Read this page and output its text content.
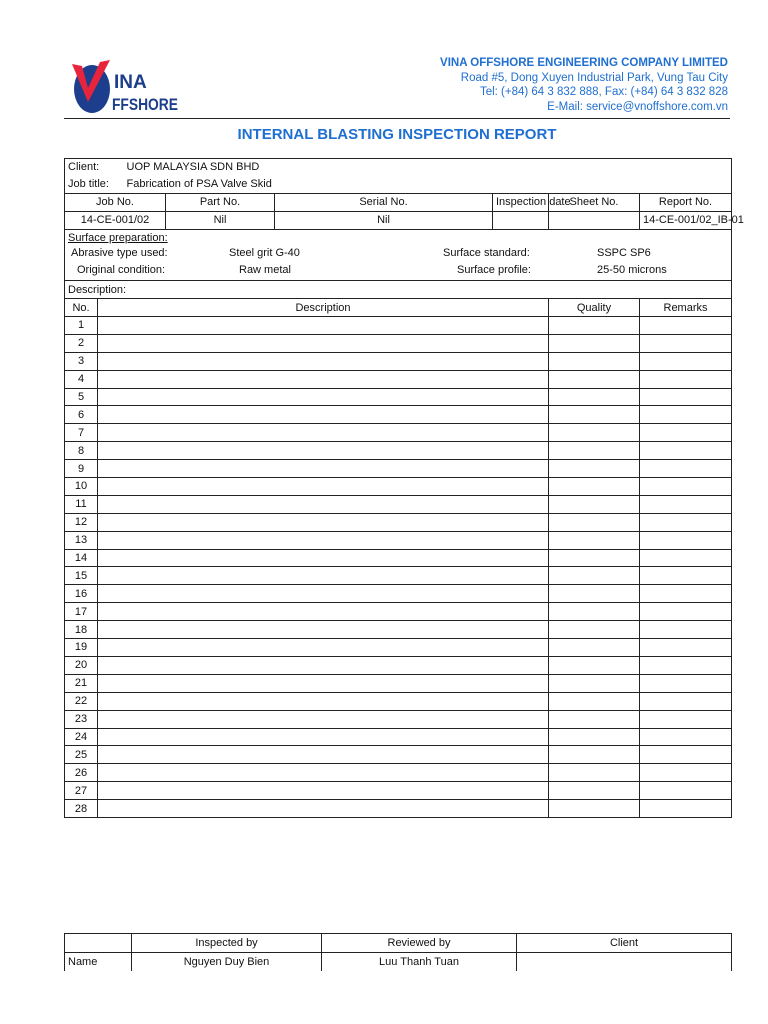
INA
FFSHORE
VINA OFFSHORE ENGINEERING COMPANY LIMITED
Road #5, Dong Xuyen Industrial Park, Vung Tau City
Tel: (+84) 64 3 832 888, Fax: (+84) 64 3 832 828
E-Mail: service@vnoffshore.com.vn
INTERNAL BLASTING INSPECTION REPORT
Client: UOP MALAYSIA SDN BHD						

Job title: Fabrication of PSA Valve Skid						

Job No.		Part No.	Serial No.	Inspection date	Sheet No.	Report No.
14-CE-001/02		Nil	Nil			14-CE-001/02_IB-01
Surface preparation:						

Abrasive type used: Steel grit G-40 Surface standard: SSPC SP6						

Original condition: Raw metal Surface profile: 25-50 microns						

Description:						
No.	Description				Quality	Remarks
1						
2						
3						
4						
5						
6						
7						
8						
9						
10						
11						
12						
13						
14						
15						
16						
17						
18						
19						
20						
21						
22						
23						
24						
25						
26						
27						
28						
	Inspected by	Reviewed by	Client
Name	Nguyen Duy Bien	Luu Thanh Tuan	
